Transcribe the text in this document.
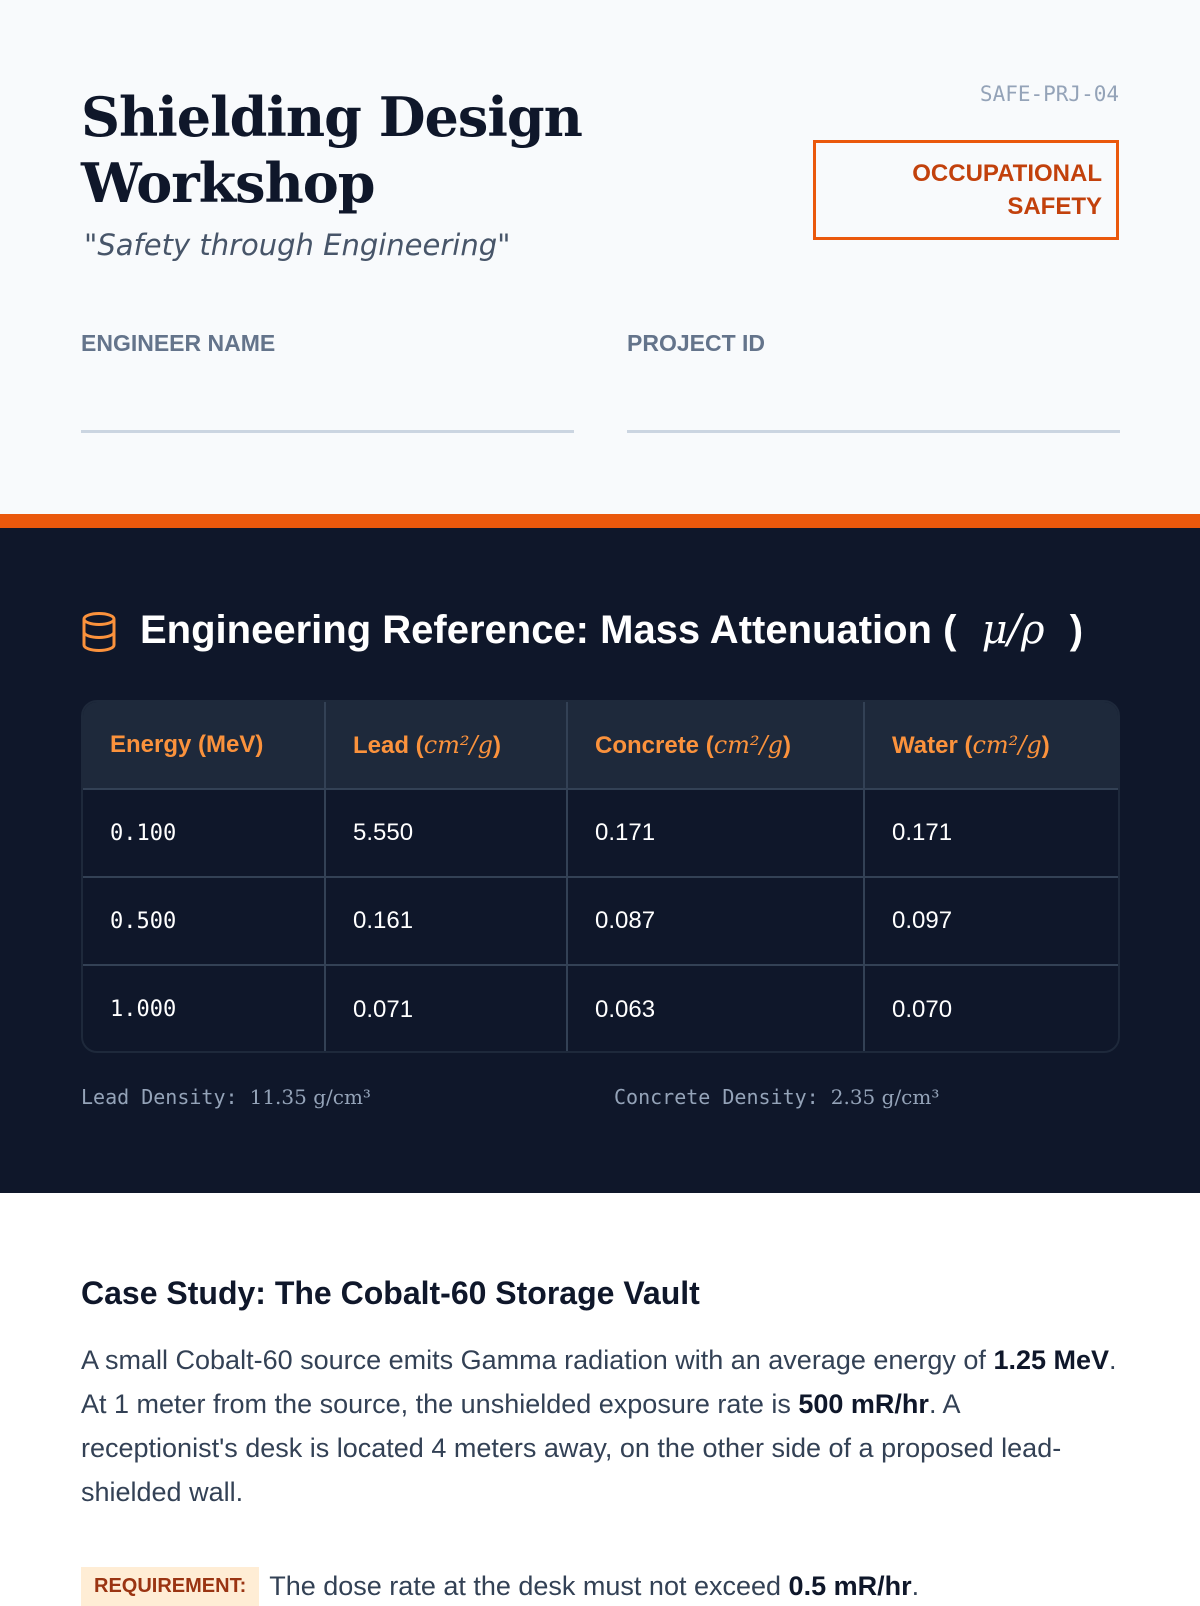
Shielding Design
Workshop
"Safety through Engineering"
SAFE-PRJ-04
OCCUPATIONAL
SAFETY
ENGINEER NAME	PROJECT ID
Engineering Reference: Mass Attenuation ( μ/ρ )
Energy (MeV)	Lead (cm²/g)	Concrete (cm²/g)	Water (cm²/g)
0.100	5.550	0.171	0.171
0.500	0.161	0.087	0.097
1.000	0.071	0.063	0.070
Lead Density: 11.35 g/cm³	Concrete Density: 2.35 g/cm³
Case Study: The Cobalt-60 Storage Vault

A small Cobalt-60 source emits Gamma radiation with an average energy of 1.25 MeV. At 1 meter from the source, the unshielded exposure rate is 500 mR/hr. A receptionist's desk is located 4 meters away, on the other side of a proposed lead-shielded wall.

REQUIREMENT: The dose rate at the desk must not exceed 0.5 mR/hr.
